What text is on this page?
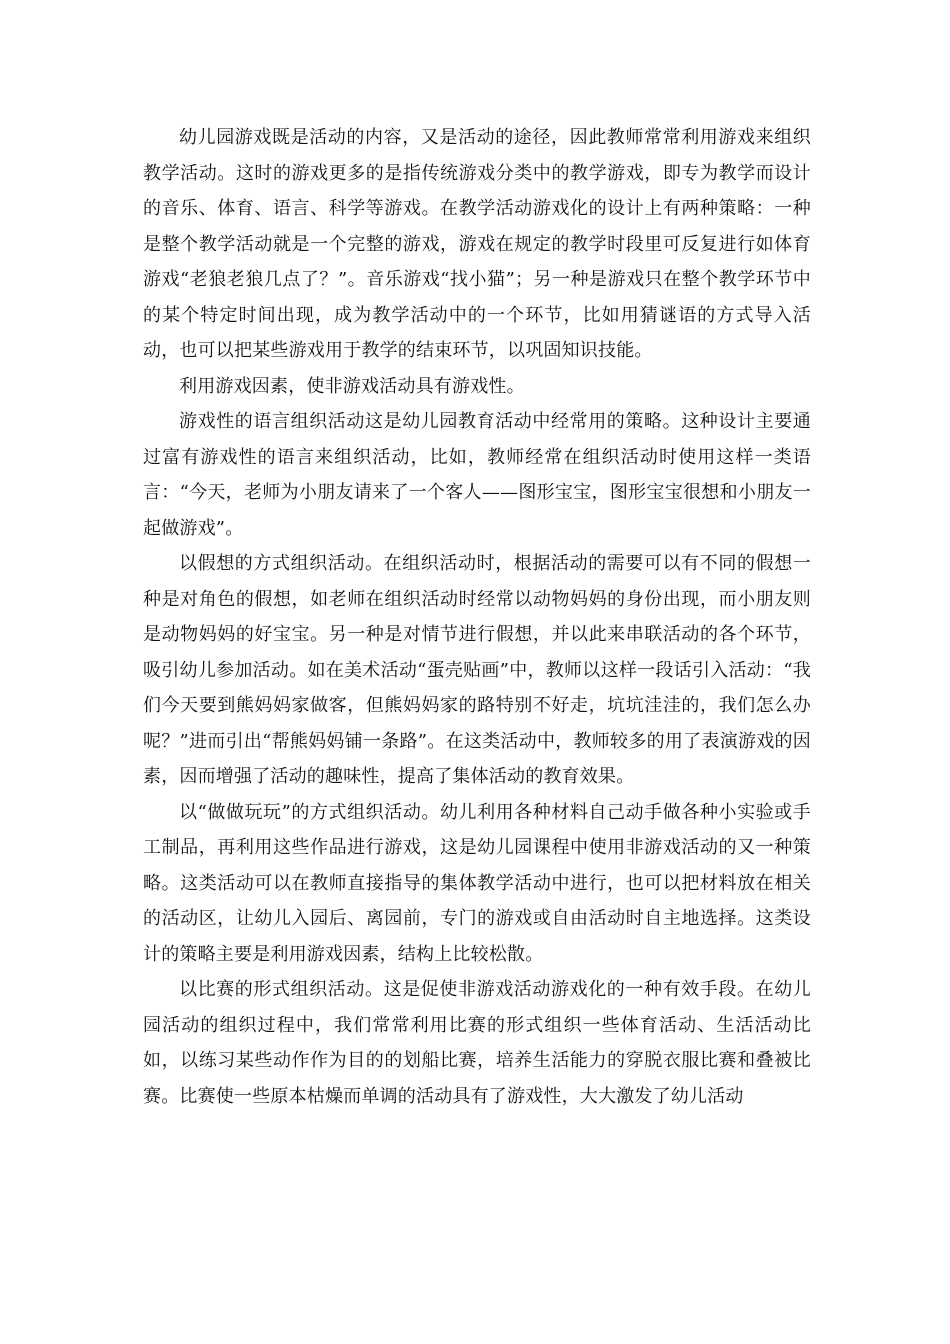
幼儿园游戏既是活动的内容，又是活动的途径，因此教师常常利用游戏来组织教学活动。这时的游戏更多的是指传统游戏分类中的教学游戏，即专为教学而设计的音乐、体育、语言、科学等游戏。在教学活动游戏化的设计上有两种策略：一种是整个教学活动就是一个完整的游戏，游戏在规定的教学时段里可反复进行如体育游戏“老狼老狼几点了？”。音乐游戏“找小猫”；另一种是游戏只在整个教学环节中的某个特定时间出现，成为教学活动中的一个环节，比如用猜谜语的方式导入活动，也可以把某些游戏用于教学的结束环节，以巩固知识技能。

利用游戏因素，使非游戏活动具有游戏性。

游戏性的语言组织活动这是幼儿园教育活动中经常用的策略。这种设计主要通过富有游戏性的语言来组织活动，比如，教师经常在组织活动时使用这样一类语言：“今天，老师为小朋友请来了一个客人——图形宝宝，图形宝宝很想和小朋友一起做游戏”。

以假想的方式组织活动。在组织活动时，根据活动的需要可以有不同的假想一种是对角色的假想，如老师在组织活动时经常以动物妈妈的身份出现，而小朋友则是动物妈妈的好宝宝。另一种是对情节进行假想，并以此来串联活动的各个环节，吸引幼儿参加活动。如在美术活动“蛋壳贴画”中，教师以这样一段话引入活动：“我们今天要到熊妈妈家做客，但熊妈妈家的路特别不好走，坑坑洼洼的，我们怎么办呢？”进而引出“帮熊妈妈铺一条路”。在这类活动中，教师较多的用了表演游戏的因素，因而增强了活动的趣味性，提高了集体活动的教育效果。

以“做做玩玩”的方式组织活动。幼儿利用各种材料自己动手做各种小实验或手工制品，再利用这些作品进行游戏，这是幼儿园课程中使用非游戏活动的又一种策略。这类活动可以在教师直接指导的集体教学活动中进行，也可以把材料放在相关的活动区，让幼儿入园后、离园前，专门的游戏或自由活动时自主地选择。这类设计的策略主要是利用游戏因素，结构上比较松散。

以比赛的形式组织活动。这是促使非游戏活动游戏化的一种有效手段。在幼儿园活动的组织过程中，我们常常利用比赛的形式组织一些体育活动、生活活动比如，以练习某些动作作为目的的划船比赛，培养生活能力的穿脱衣服比赛和叠被比赛。比赛使一些原本枯燥而单调的活动具有了游戏性，大大激发了幼儿活动
